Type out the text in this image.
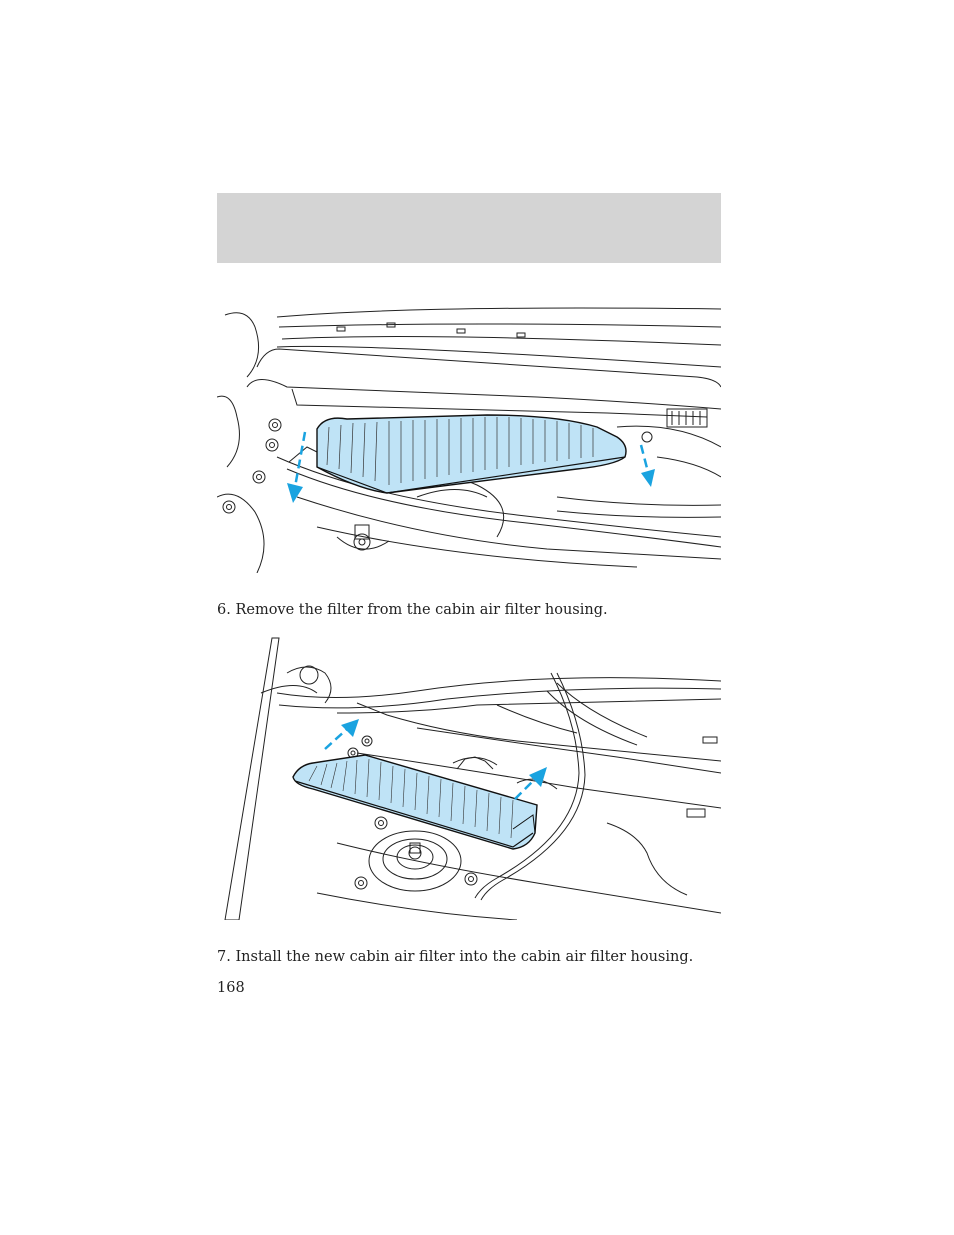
6. Remove the filter from the cabin air filter housing.

7. Install the new cabin air filter into the cabin air filter housing.

168
